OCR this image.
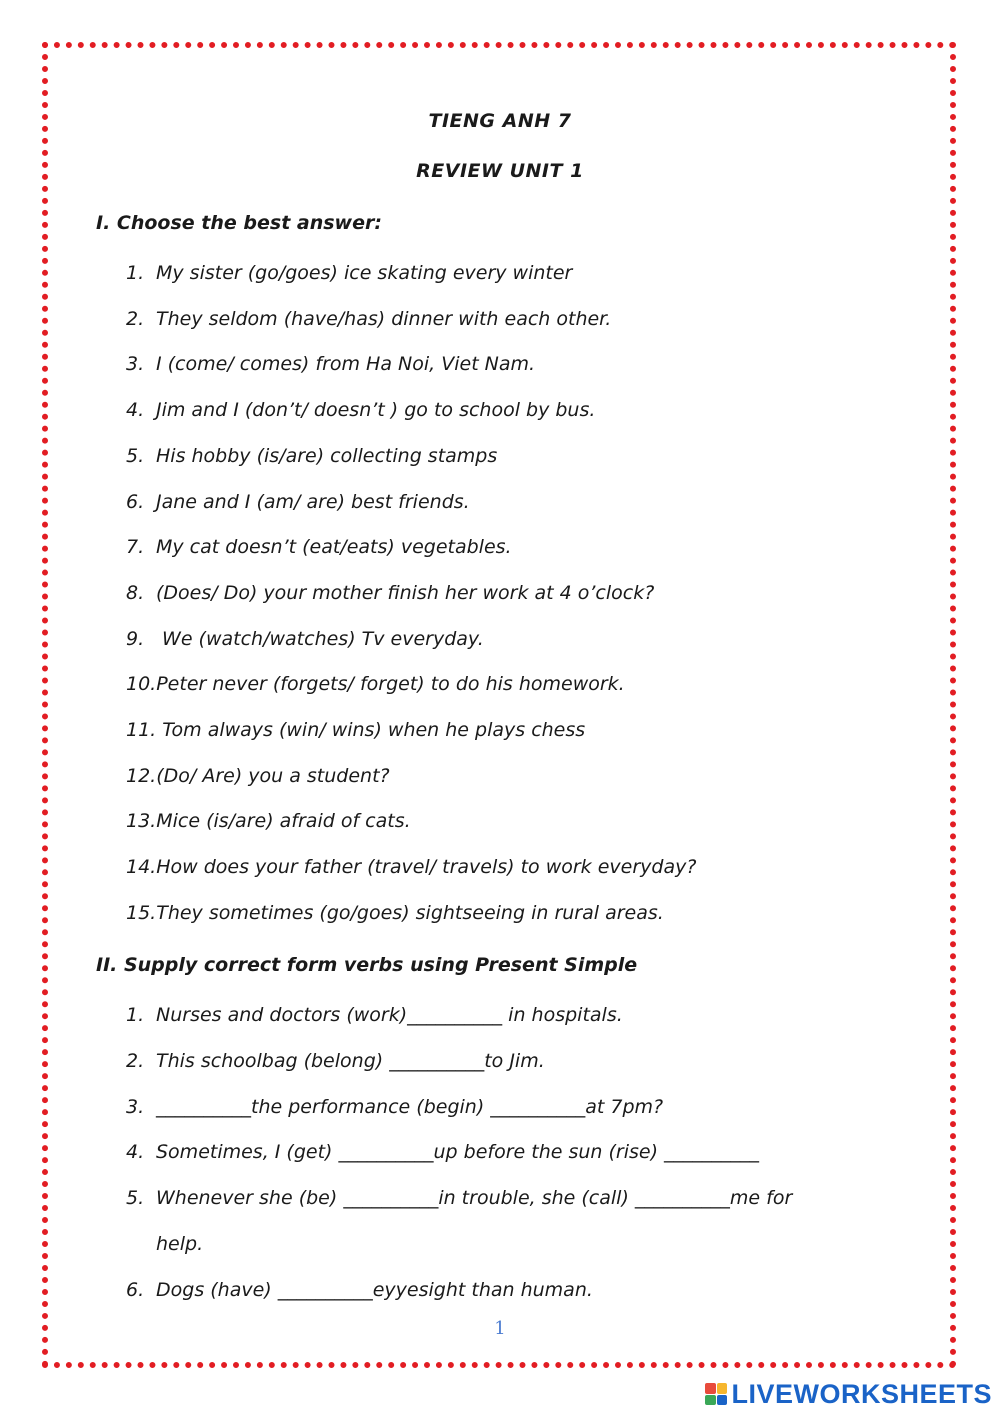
TIENG ANH 7
REVIEW UNIT 1
I. Choose the best answer:
1. My sister (go/goes) ice skating every winter
2. They seldom (have/has) dinner with each other.
3. I (come/ comes) from Ha Noi, Viet Nam.
4. Jim and I (don’t/ doesn’t ) go to school by bus.
5. His hobby (is/are) collecting stamps
6. Jane and I (am/ are) best friends.
7. My cat doesn’t (eat/eats) vegetables.
8. (Does/ Do) your mother finish her work at 4 o’clock?
9. We (watch/watches) Tv everyday.
10.Peter never (forgets/ forget) to do his homework.
11. Tom always (win/ wins) when he plays chess
12.(Do/ Are) you a student?
13.Mice (is/are) afraid of cats.
14.How does your father (travel/ travels) to work everyday?
15.They sometimes (go/goes) sightseeing in rural areas.
II. Supply correct form verbs using Present Simple
1. Nurses and doctors (work)__________ in hospitals.
2. This schoolbag (belong) __________to Jim.
3. __________the performance (begin) __________at 7pm?
4. Sometimes, I (get) __________up before the sun (rise) __________
5. Whenever she (be) __________in trouble, she (call) __________me for
help.
6. Dogs (have) __________eyyesight than human.
1
LIVEWORKSHEETS
